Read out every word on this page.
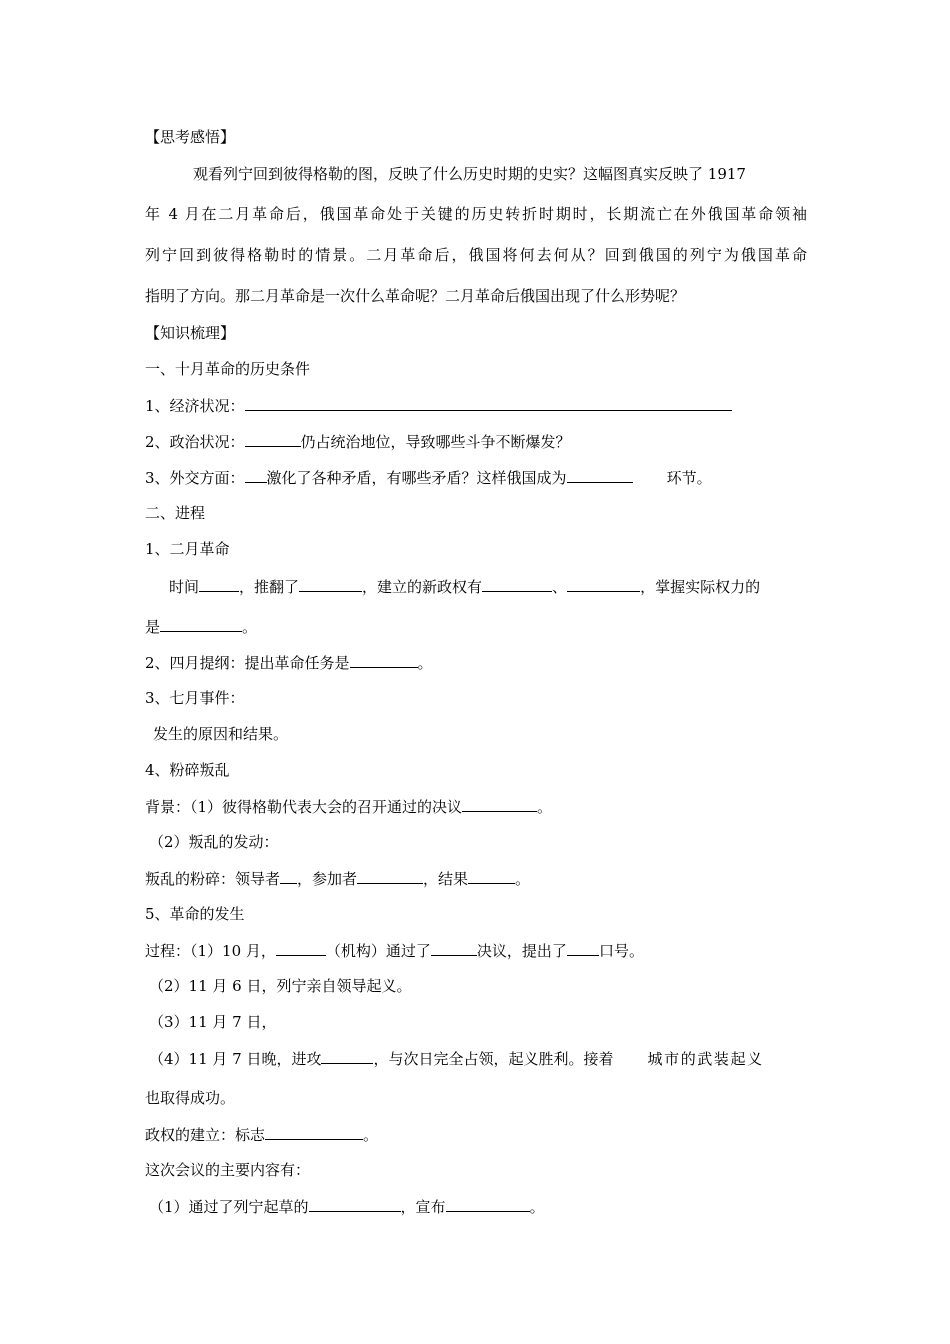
【思考感悟】
观看列宁回到彼得格勒的图，反映了什么历史时期的史实？这幅图真实反映了 1917
年 4 月在二月革命后，俄国革命处于关键的历史转折时期时，长期流亡在外俄国革命领袖
列宁回到彼得格勒时的情景。二月革命后，俄国将何去何从？回到俄国的列宁为俄国革命
指明了方向。那二月革命是一次什么革命呢？二月革命后俄国出现了什么形势呢？
【知识梳理】
一、十月革命的历史条件
1、经济状况：
2、政治状况：	仍占统治地位，导致哪些斗争不断爆发？
3、外交方面： 激化了各种矛盾，有哪些矛盾？这样俄国成为	环节。
二、进程
1、二月革命
时间	，推翻了	，建立的新政权有	、	，掌握实际权力的
是	。
2、四月提纲：提出革命任务是	。
3、七月事件：
发生的原因和结果。
4、粉碎叛乱
背景：（1）彼得格勒代表大会的召开通过的决议	。
（2）叛乱的发动：
叛乱的粉碎：领导者 ，参加者	，结果	。
5、革命的发生
过程：（1）10 月，	（机构）通过了	决议，提出了 口号。
（2）11 月 6 日，列宁亲自领导起义。
（3）11 月 7 日，
（4）11 月 7 日晚，进攻	，与次日完全占领，起义胜利。接着 城市的武装起义
也取得成功。
政权的建立：标志	。
这次会议的主要内容有：
（1）通过了列宁起草的	，宣布	。
